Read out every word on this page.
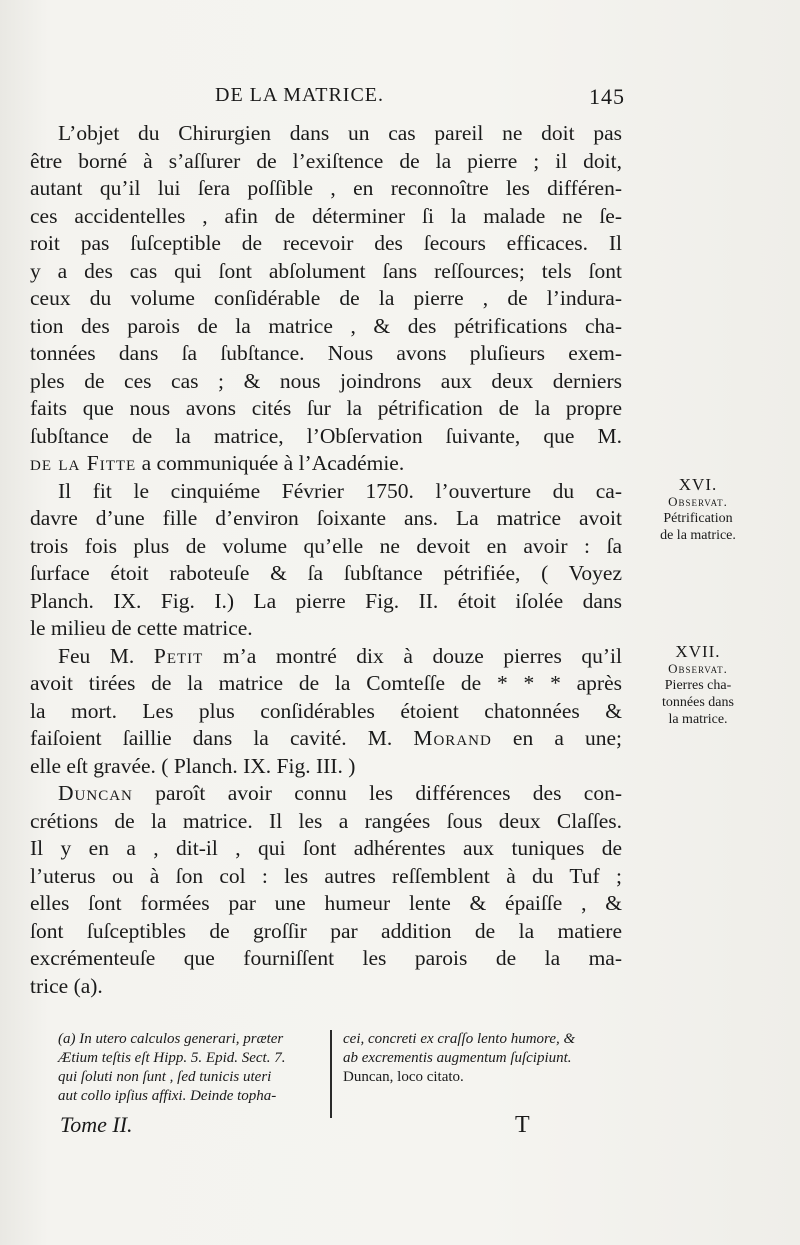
DE LA MATRICE.	145
L’objet du Chirurgien dans un cas pareil ne doit pas
être borné à s’aſſurer de l’exiſtence de la pierre ; il doit,
autant qu’il lui ſera poſſible , en reconnoître les différen-
ces accidentelles , afin de déterminer ſi la malade ne ſe-
roit pas ſuſceptible de recevoir des ſecours efficaces. Il
y a des cas qui ſont abſolument ſans reſſources; tels ſont
ceux du volume conſidérable de la pierre , de l’indura-
tion des parois de la matrice , & des pétrifications cha-
tonnées dans ſa ſubſtance. Nous avons pluſieurs exem-
ples de ces cas ; & nous joindrons aux deux derniers
faits que nous avons cités ſur la pétrification de la propre
ſubſtance de la matrice, l’Obſervation ſuivante, que M.
de la Fitte a communiquée à l’Académie.
Il fit le cinquiéme Février 1750. l’ouverture du ca-
davre d’une fille d’environ ſoixante ans. La matrice avoit
trois fois plus de volume qu’elle ne devoit en avoir : ſa
ſurface étoit raboteuſe & ſa ſubſtance pétrifiée, ( Voyez
Planch. IX. Fig. I.) La pierre Fig. II. étoit iſolée dans
le milieu de cette matrice.
Feu M. Petit m’a montré dix à douze pierres qu’il
avoit tirées de la matrice de la Comteſſe de * * * après
la mort. Les plus conſidérables étoient chatonnées &
faiſoient ſaillie dans la cavité. M. Morand en a une;
elle eſt gravée. ( Planch. IX. Fig. III. )
Duncan paroît avoir connu les différences des con-
crétions de la matrice. Il les a rangées ſous deux Claſſes.
Il y en a , dit-il , qui ſont adhérentes aux tuniques de
l’uterus ou à ſon col : les autres reſſemblent à du Tuf ;
elles ſont formées par une humeur lente & épaiſſe , &
ſont ſuſceptibles de groſſir par addition de la matiere
excrémenteuſe que fourniſſent les parois de la ma-
trice (a).
XVI.
Observat.
Pétrification
de la matrice.
XVII.
Observat.
Pierres cha-
tonnées dans
la matrice.
(a) In utero calculos generari, præter
Ætium teſtis eſt Hipp. 5. Epid. Sect. 7.
qui ſoluti non ſunt , ſed tunicis uteri
aut collo ipſius affixi. Deinde topha-
cei, concreti ex craſſo lento humore, &
ab excrementis augmentum ſuſcipiunt.
Duncan, loco citato.
Tome II.	T
